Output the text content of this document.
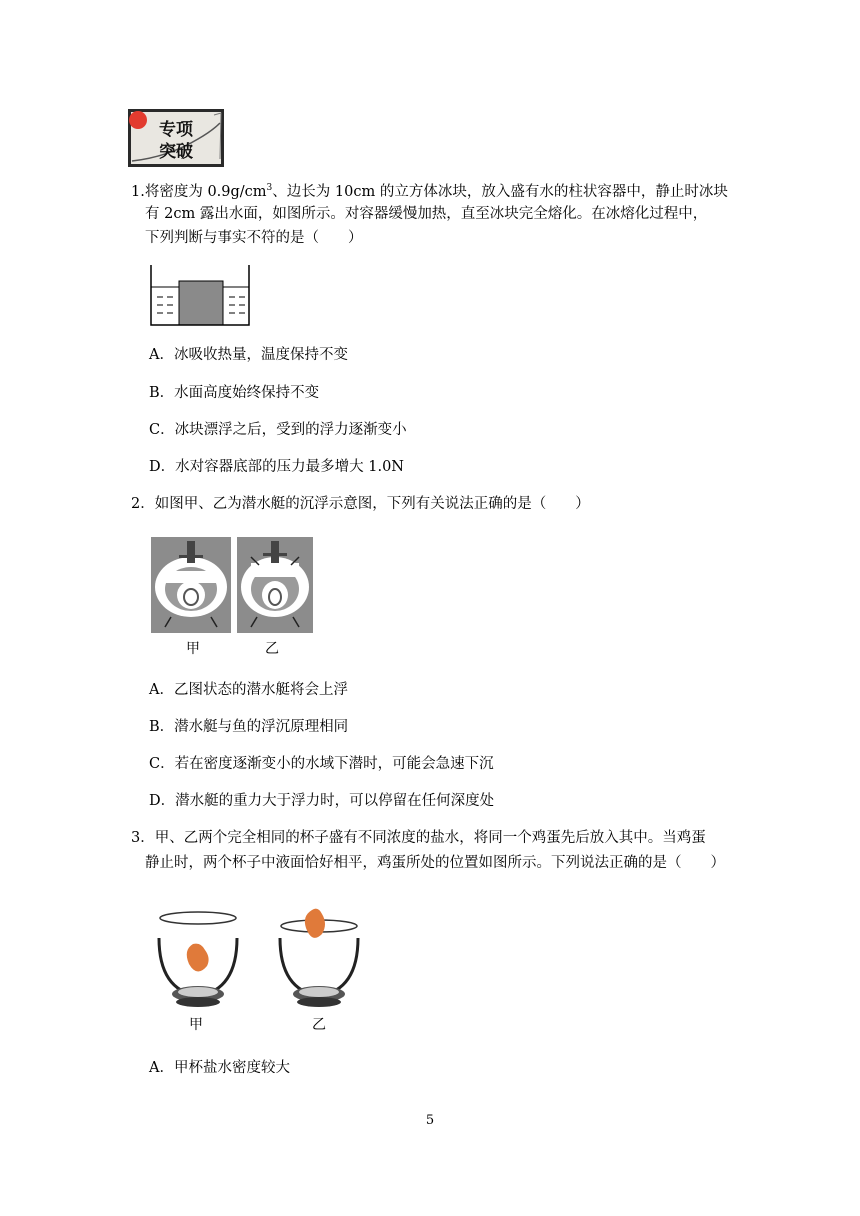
专项
突破
1.将密度为 $0.9g/cm^3$、边长为 10cm 的立方体冰块，放入盛有水的柱状容器中，静止时冰块
有 2cm 露出水面，如图所示。对容器缓慢加热，直至冰块完全熔化。在冰熔化过程中，
下列判断与事实不符的是（　　）
A．冰吸收热量，温度保持不变
B．水面高度始终保持不变
C．冰块漂浮之后，受到的浮力逐渐变小
D．水对容器底部的压力最多增大 1.0N
2．如图甲、乙为潜水艇的沉浮示意图，下列有关说法正确的是（　　）
甲	乙
A．乙图状态的潜水艇将会上浮
B．潜水艇与鱼的浮沉原理相同
C．若在密度逐渐变小的水域下潜时，可能会急速下沉
D．潜水艇的重力大于浮力时，可以停留在任何深度处
3．甲、乙两个完全相同的杯子盛有不同浓度的盐水，将同一个鸡蛋先后放入其中。当鸡蛋
静止时，两个杯子中液面恰好相平，鸡蛋所处的位置如图所示。下列说法正确的是（　　）
甲	乙
A．甲杯盐水密度较大
5
